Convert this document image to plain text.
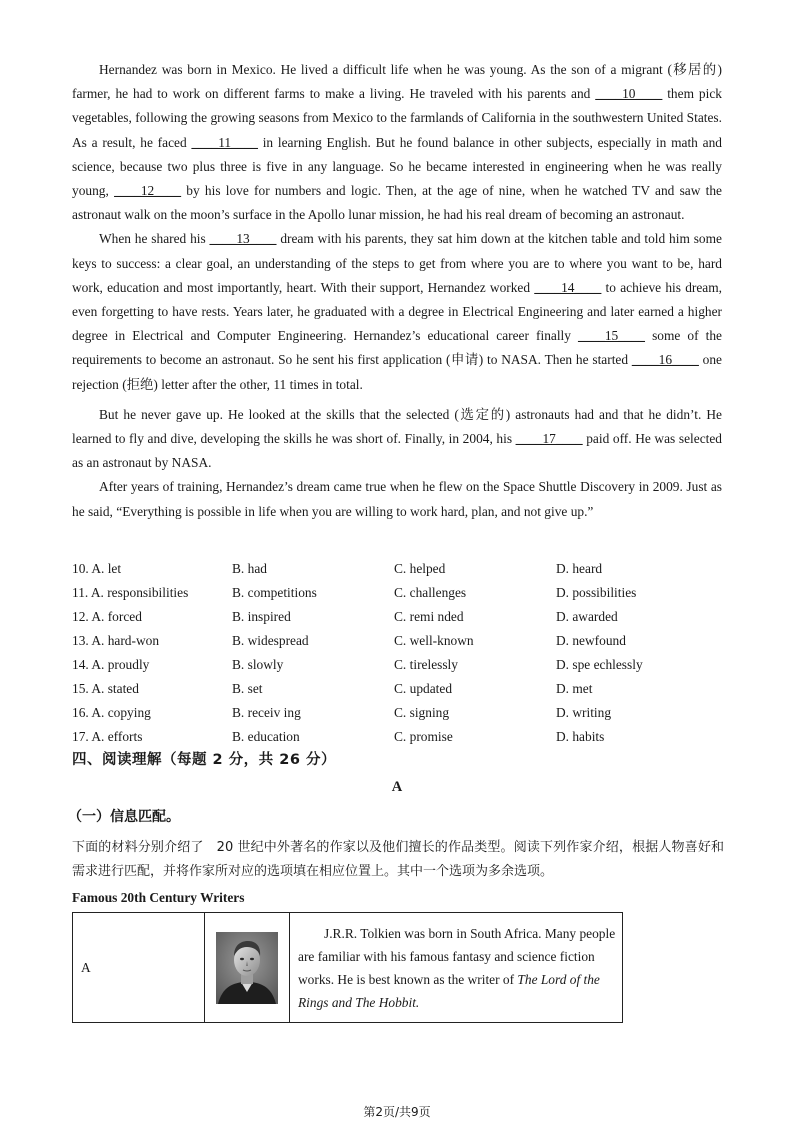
Hernandez was born in Mexico. He lived a difficult life when he was young. As the son of a migrant (移居的) farmer, he had to work on different farms to make a living. He traveled with his parents and ____10____ them pick vegetables, following the growing seasons from Mexico to the farmlands of California in the southwestern United States. As a result, he faced ____11____ in learning English. But he found balance in other subjects, especially in math and science, because two plus three is five in any language. So he became interested in engineering when he was really young, ____12____ by his love for numbers and logic. Then, at the age of nine, when he watched TV and saw the astronaut walk on the moon’s surface in the Apollo lunar mission, he had his real dream of becoming an astronaut.

When he shared his ____13____ dream with his parents, they sat him down at the kitchen table and told him some keys to success: a clear goal, an understanding of the steps to get from where you are to where you want to be, hard work, education and most importantly, heart. With their support, Hernandez worked ____14____ to achieve his dream, even forgetting to have rests. Years later, he graduated with a degree in Electrical Engineering and later earned a higher degree in Electrical and Computer Engineering. Hernandez’s educational career finally ____15____ some of the requirements to become an astronaut. So he sent his first application (申请) to NASA. Then he started ____16____ one rejection (拒绝) letter after the other, 11 times in total.

But he never gave up. He looked at the skills that the selected (选定的) astronauts had and that he didn’t. He learned to fly and dive, developing the skills he was short of. Finally, in 2004, his ____17____ paid off. He was selected as an astronaut by NASA.

After years of training, Hernandez’s dream came true when he flew on the Space Shuttle Discovery in 2009. Just as he said, “Everything is possible in life when you are willing to work hard, plan, and not give up.”

10. A. let	B. had	C. helped	D. heard
11. A. responsibilities	B. competitions	C. challenges	D. possibilities
12. A. forced	B. inspired	C. remi nded	D. awarded
13. A. hard-won	B. widespread	C. well-known	D. newfound
14. A. proudly	B. slowly	C. tirelessly	D. spe echlessly
15. A. stated	B. set	C. updated	D. met
16. A. copying	B. receiv ing	C. signing	D. writing
17. A. efforts	B. education	C. promise	D. habits
四、阅读理解（每题 2 分，共 26 分）
A
（一）信息匹配。
下面的材料分别介绍了　20 世纪中外著名的作家以及他们擅长的作品类型。阅读下列作家介绍，根据人物喜好和需求进行匹配，并将作家所对应的选项填在相应位置上。其中一个选项为多余选项。
Famous 20th Century Writers
A	

J.R.R. Tolkien was born in South Africa. Many people are familiar with his famous fantasy and science fiction works. He is best known as the writer of The Lord of the Rings and The Hobbit.
第2页/共9页
